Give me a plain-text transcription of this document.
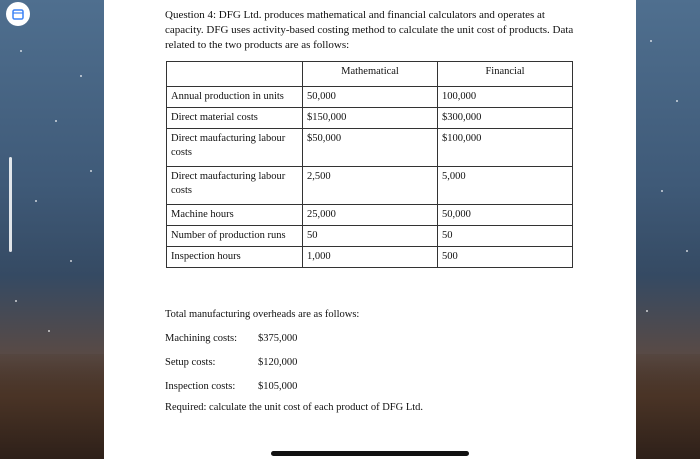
Question 4: DFG Ltd. produces mathematical and financial calculators and operates at capacity. DFG uses activity-based costing method to calculate the unit cost of products. Data related to the two products are as follows:

	Mathematical	Financial
Annual production in units	50,000	100,000
Direct material costs	$150,000	$300,000
Direct maufacturing labour costs	$50,000	$100,000
Direct maufacturing labour costs	2,500	5,000
Machine hours	25,000	50,000
Number of production runs	50	50
Inspection hours	1,000	500

Total manufacturing overheads are as follows:

Machining costs:	$375,000
Setup costs:	$120,000
Inspection costs:	$105,000

Required: calculate the unit cost of each product of DFG Ltd.
